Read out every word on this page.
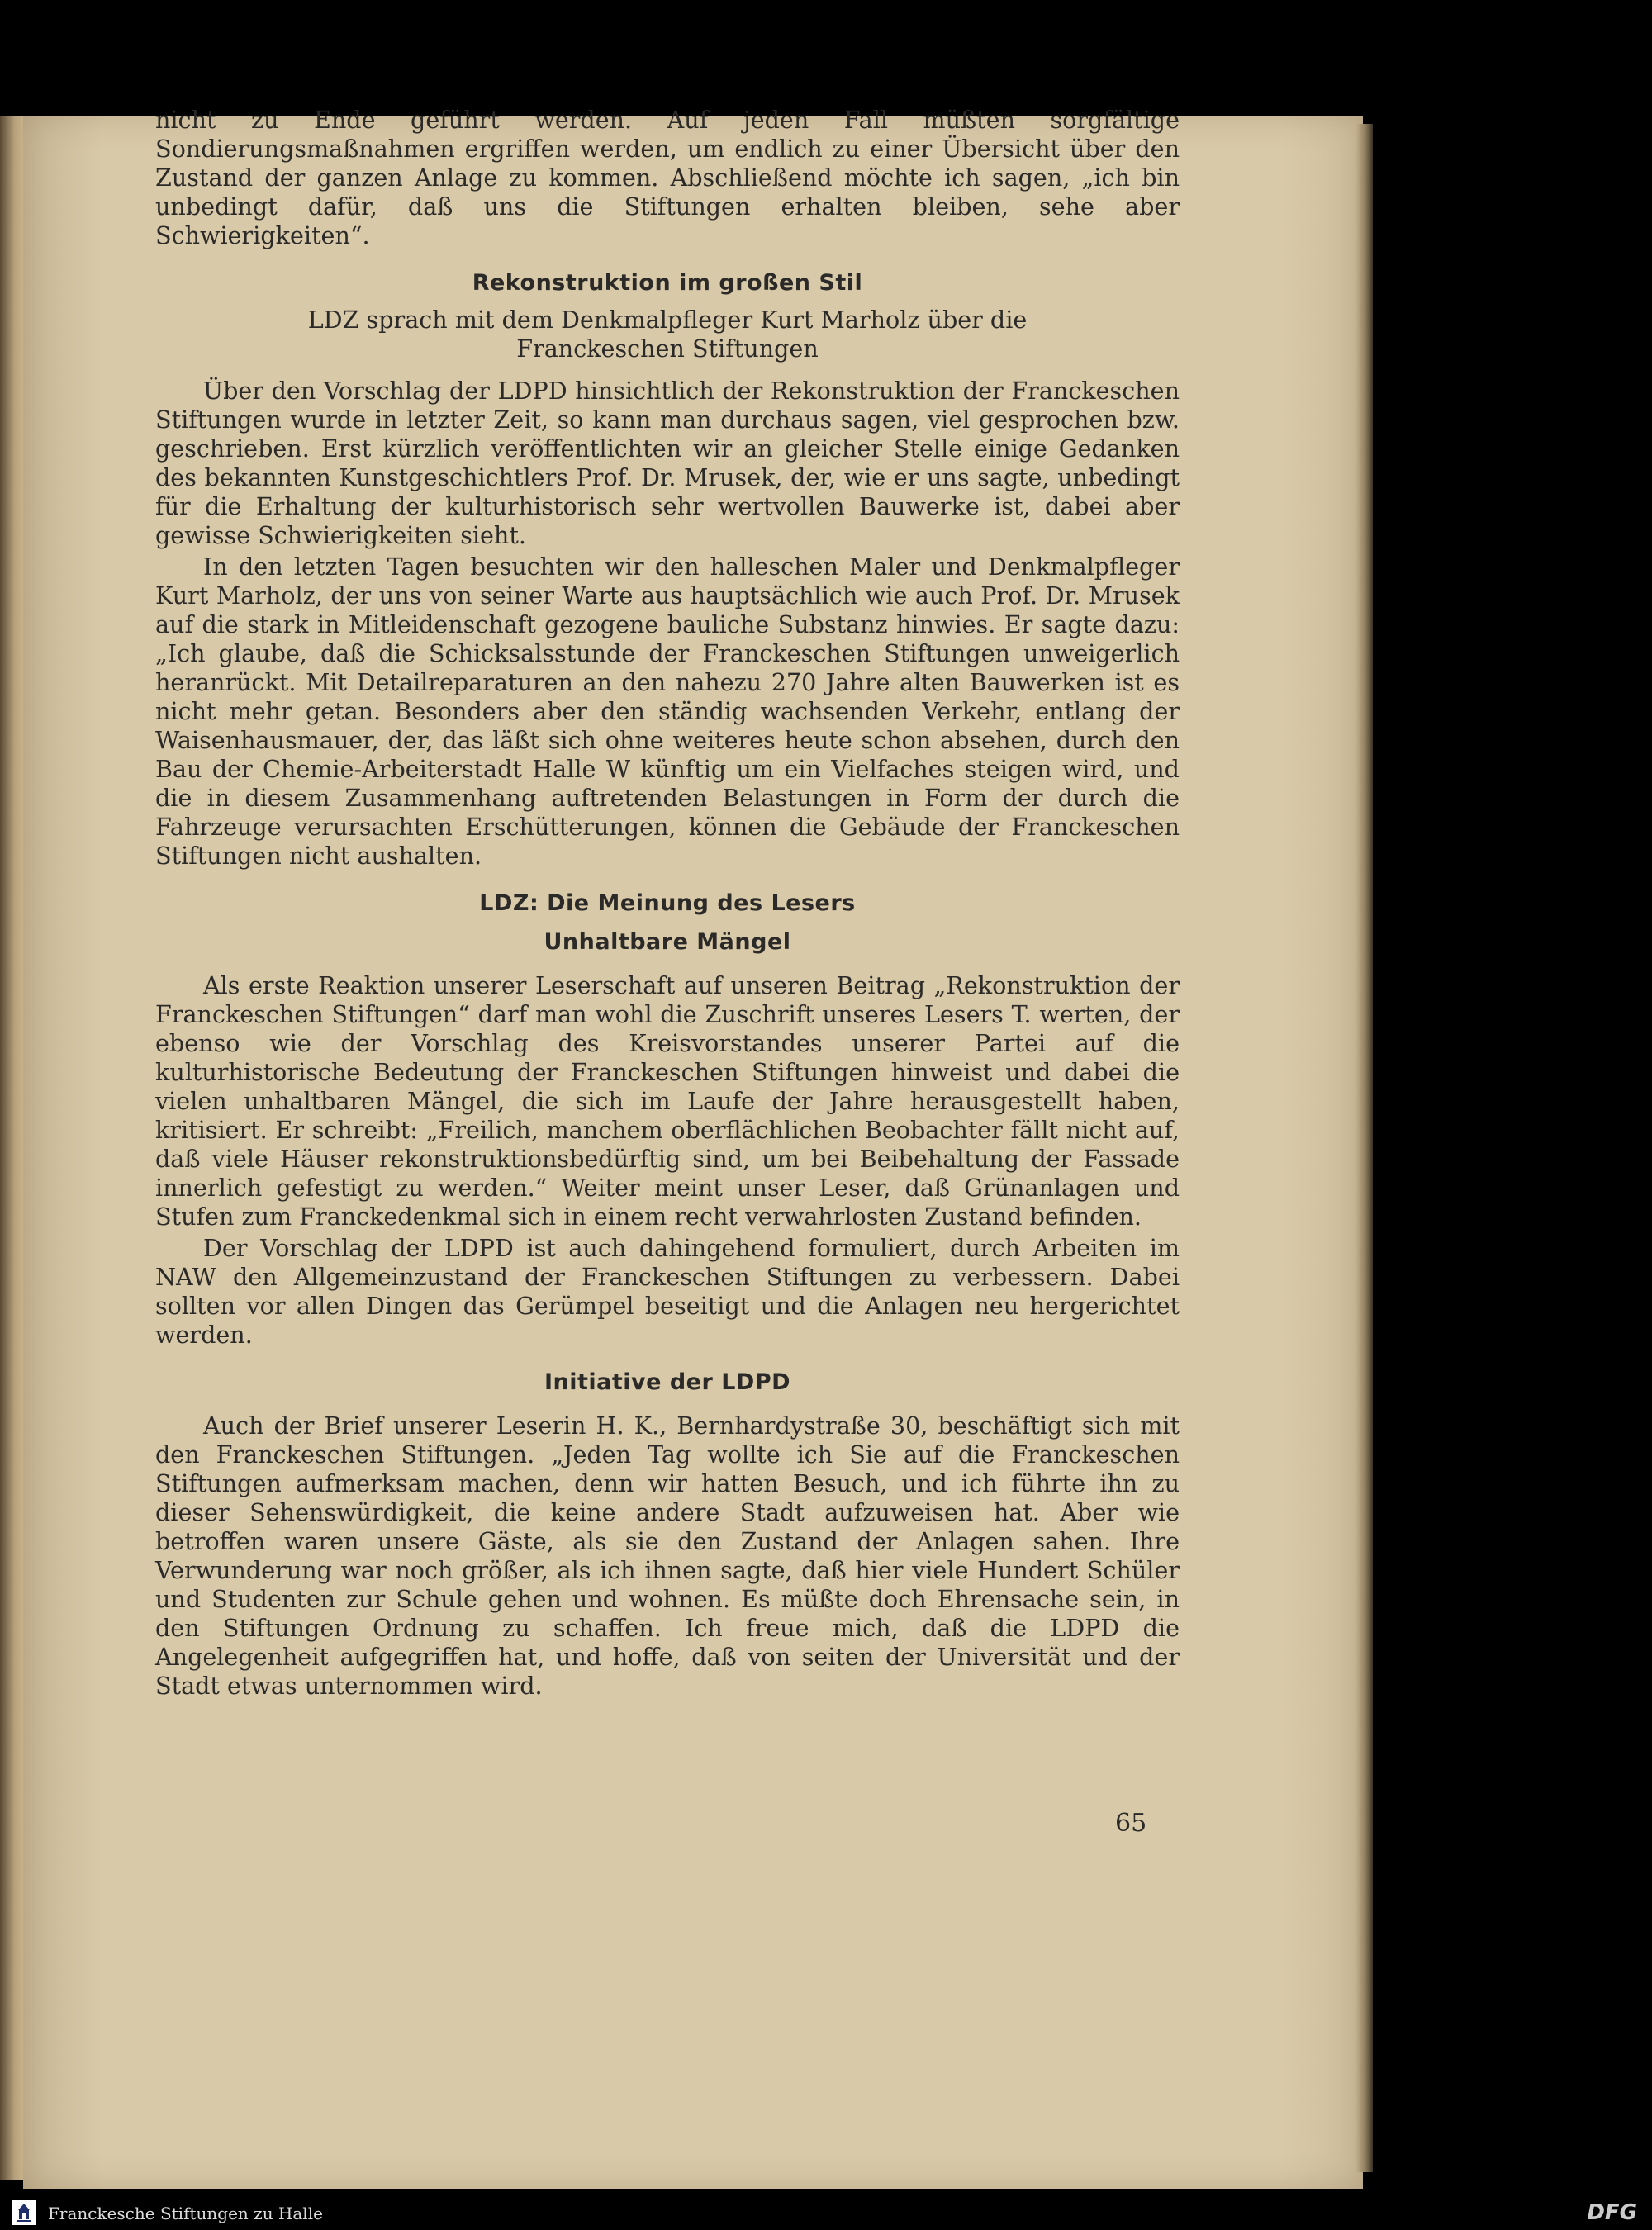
nicht zu Ende geführt werden. Auf jeden Fall müßten sorgfältige Sondierungsmaßnahmen ergriffen werden, um endlich zu einer Übersicht über den Zustand der ganzen Anlage zu kommen. Abschließend möchte ich sagen, „ich bin unbedingt dafür, daß uns die Stiftungen erhalten bleiben, sehe aber Schwierigkeiten“.

Rekonstruktion im großen Stil
LDZ sprach mit dem Denkmalpfleger Kurt Marholz über die
Franckeschen Stiftungen

Über den Vorschlag der LDPD hinsichtlich der Rekonstruktion der Franckeschen Stiftungen wurde in letzter Zeit, so kann man durchaus sagen, viel gesprochen bzw. geschrieben. Erst kürzlich veröffentlichten wir an gleicher Stelle einige Gedanken des bekannten Kunstgeschichtlers Prof. Dr. Mrusek, der, wie er uns sagte, unbedingt für die Erhaltung der kulturhistorisch sehr wertvollen Bauwerke ist, dabei aber gewisse Schwierigkeiten sieht.

In den letzten Tagen besuchten wir den halleschen Maler und Denkmalpfleger Kurt Marholz, der uns von seiner Warte aus hauptsächlich wie auch Prof. Dr. Mrusek auf die stark in Mitleidenschaft gezogene bauliche Substanz hinwies. Er sagte dazu: „Ich glaube, daß die Schicksalsstunde der Franckeschen Stiftungen unweigerlich heranrückt. Mit Detailreparaturen an den nahezu 270 Jahre alten Bauwerken ist es nicht mehr getan. Besonders aber den ständig wachsenden Verkehr, entlang der Waisenhausmauer, der, das läßt sich ohne weiteres heute schon absehen, durch den Bau der Chemie-Arbeiterstadt Halle W künftig um ein Vielfaches steigen wird, und die in diesem Zusammenhang auftretenden Belastungen in Form der durch die Fahrzeuge verursachten Erschütterungen, können die Gebäude der Franckeschen Stiftungen nicht aushalten.

LDZ: Die Meinung des Lesers
Unhaltbare Mängel

Als erste Reaktion unserer Leserschaft auf unseren Beitrag „Rekonstruktion der Franckeschen Stiftungen“ darf man wohl die Zuschrift unseres Lesers T. werten, der ebenso wie der Vorschlag des Kreisvorstandes unserer Partei auf die kulturhistorische Bedeutung der Franckeschen Stiftungen hinweist und dabei die vielen unhaltbaren Mängel, die sich im Laufe der Jahre herausgestellt haben, kritisiert. Er schreibt: „Freilich, manchem oberflächlichen Beobachter fällt nicht auf, daß viele Häuser rekonstruktionsbedürftig sind, um bei Beibehaltung der Fassade innerlich gefestigt zu werden.“ Weiter meint unser Leser, daß Grünanlagen und Stufen zum Franckedenkmal sich in einem recht verwahrlosten Zustand befinden.

Der Vorschlag der LDPD ist auch dahingehend formuliert, durch Arbeiten im NAW den Allgemeinzustand der Franckeschen Stiftungen zu verbessern. Dabei sollten vor allen Dingen das Gerümpel beseitigt und die Anlagen neu hergerichtet werden.

Initiative der LDPD

Auch der Brief unserer Leserin H. K., Bernhardystraße 30, beschäftigt sich mit den Franckeschen Stiftungen. „Jeden Tag wollte ich Sie auf die Franckeschen Stiftungen aufmerksam machen, denn wir hatten Besuch, und ich führte ihn zu dieser Sehenswürdigkeit, die keine andere Stadt aufzuweisen hat. Aber wie betroffen waren unsere Gäste, als sie den Zustand der Anlagen sahen. Ihre Verwunderung war noch größer, als ich ihnen sagte, daß hier viele Hundert Schüler und Studenten zur Schule gehen und wohnen. Es müßte doch Ehrensache sein, in den Stiftungen Ordnung zu schaffen. Ich freue mich, daß die LDPD die Angelegenheit aufgegriffen hat, und hoffe, daß von seiten der Universität und der Stadt etwas unternommen wird.

65
Franckesche Stiftungen zu Halle	DFG
